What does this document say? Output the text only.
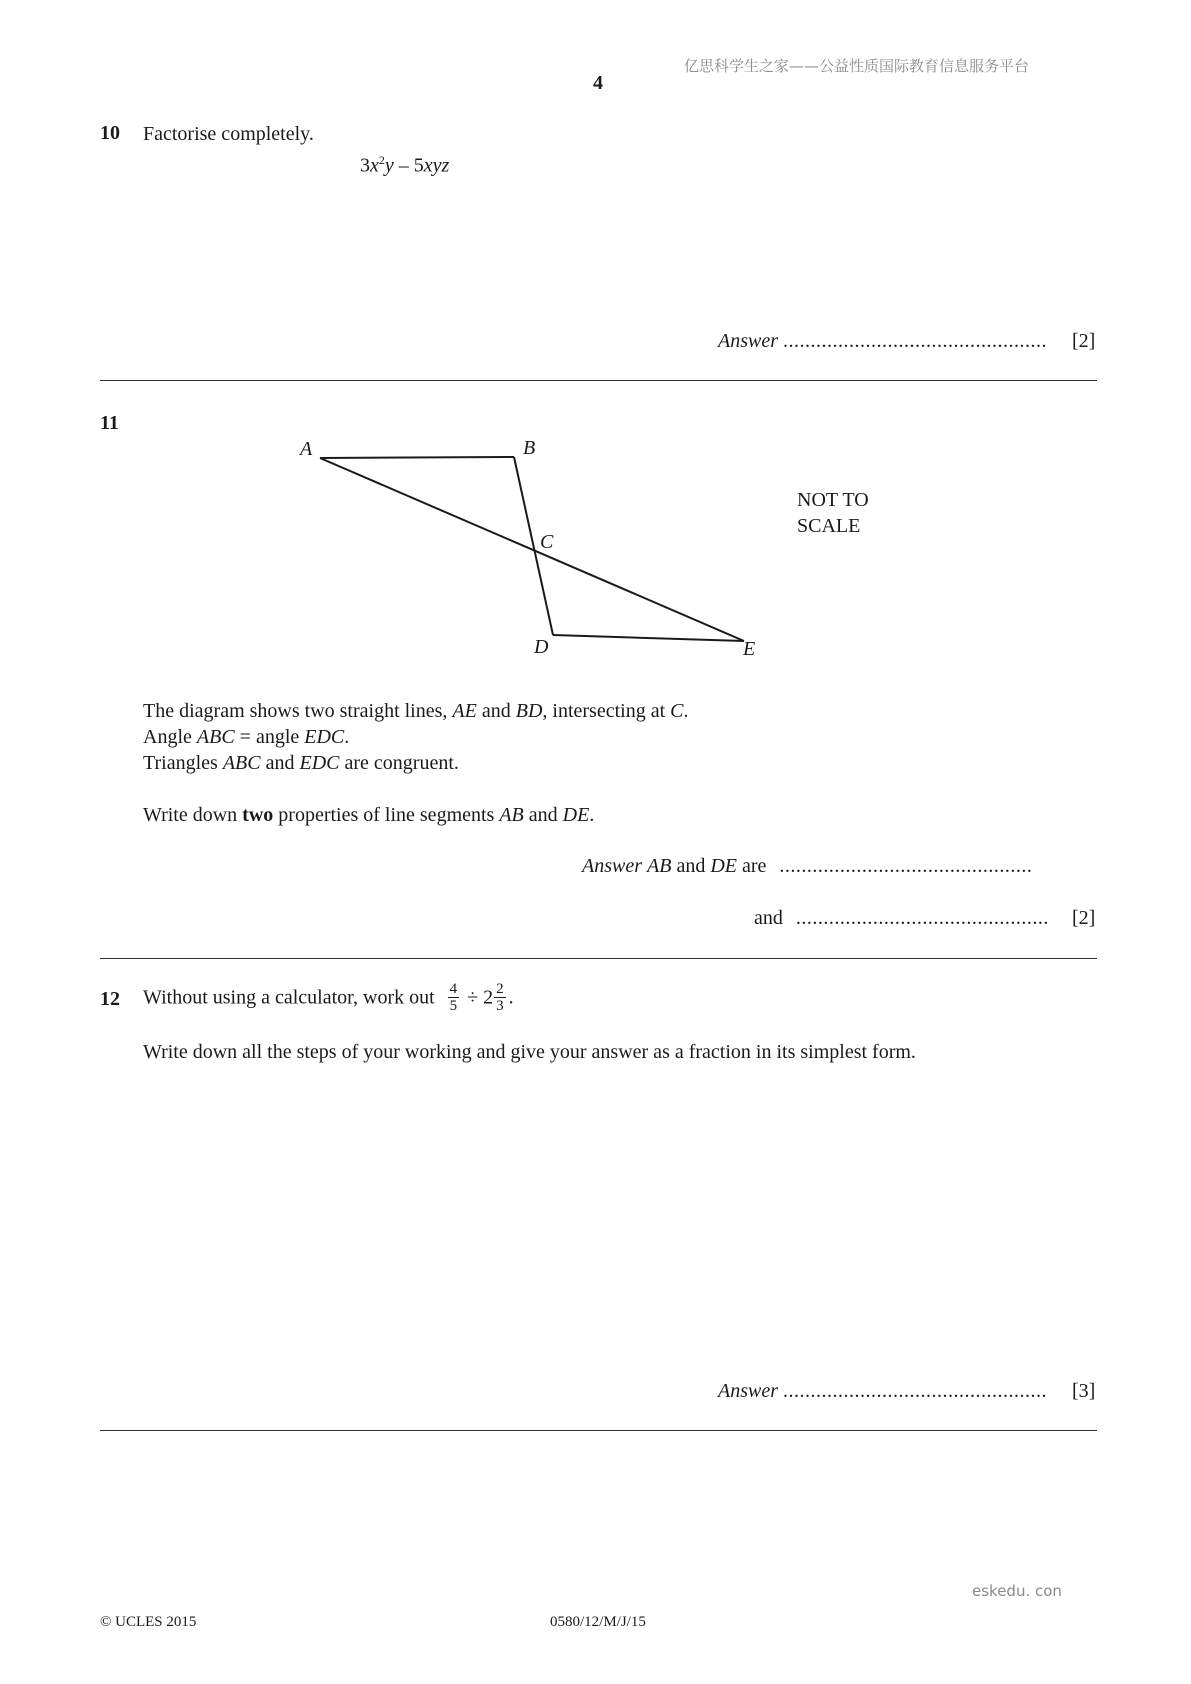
亿思科学生之家——公益性质国际教育信息服务平台
4
10 Factorise completely.
$3x^2y - 5xyz$
Answer ................................................ [2]
11
A	B
C
D	E
NOT TO
SCALE
The diagram shows two straight lines, AE and BD, intersecting at C.
Angle ABC = angle EDC.
Triangles ABC and EDC are congruent.
Write down two properties of line segments AB and DE.
Answer AB and DE are ..............................................
and .............................................. [2]
12 Without using a calculator, work out $\frac{4}{5} \div 2 \frac{2}{3}$ .
Write down all the steps of your working and give your answer as a fraction in its simplest form.
Answer ................................................ [3]
eskedu. con
© UCLES 2015	0580/12/M/J/15
